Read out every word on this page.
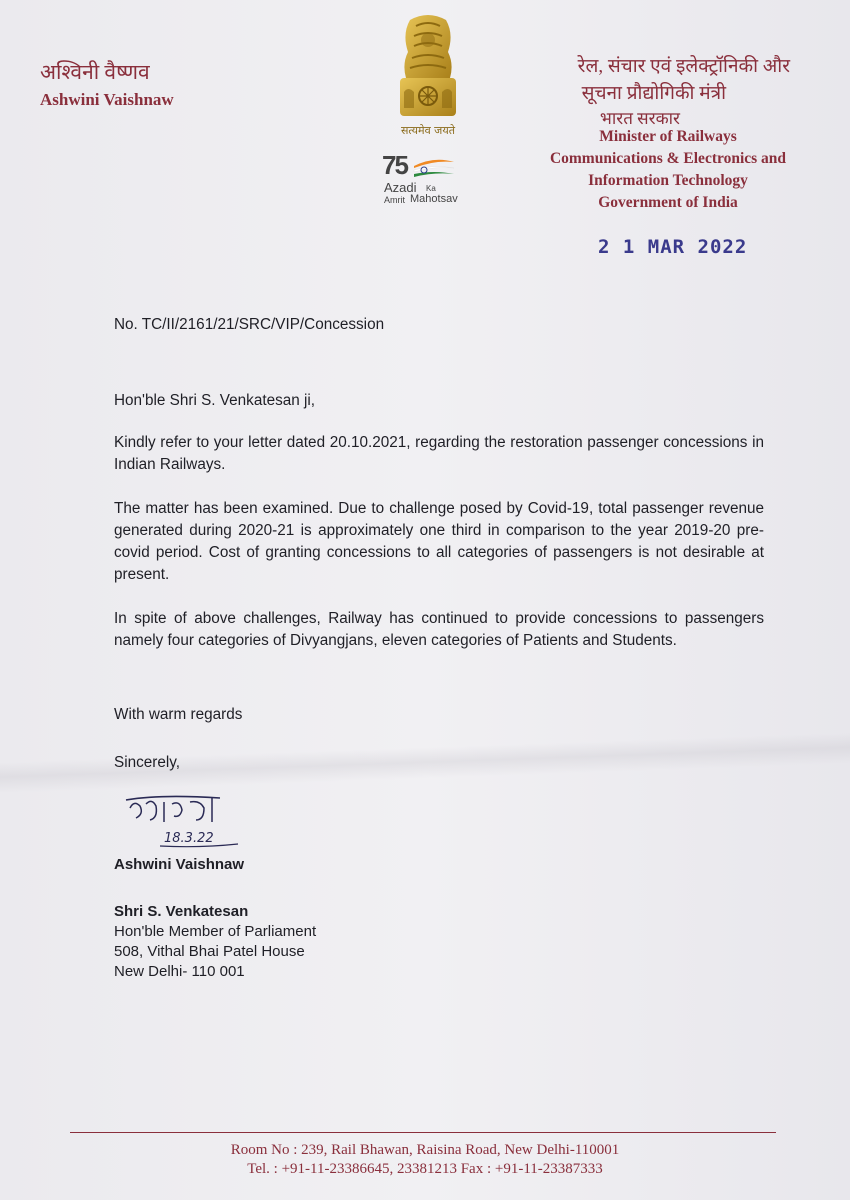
अश्विनी वैष्णव
Ashwini Vaishnaw
सत्यमेव जयते
75
Azadi Ka
Amrit Mahotsav
रेल, संचार एवं इलेक्ट्रॉनिकी और
सूचना प्रौद्योगिकी मंत्री
भारत सरकार
Minister of Railways
Communications & Electronics and
Information Technology
Government of India
2 1 MAR 2022
No. TC/II/2161/21/SRC/VIP/Concession
Hon'ble Shri S. Venkatesan ji,
Kindly refer to your letter dated 20.10.2021, regarding the restoration passenger concessions in Indian Railways.
The matter has been examined. Due to challenge posed by Covid-19, total passenger revenue generated during 2020-21 is approximately one third in comparison to the year 2019-20 pre-covid period. Cost of granting concessions to all categories of passengers is not desirable at present.
In spite of above challenges, Railway has continued to provide concessions to passengers namely four categories of Divyangjans, eleven categories of Patients and Students.
With warm regards
Sincerely,
18.3.22
Ashwini Vaishnaw
Shri S. Venkatesan
Hon'ble Member of Parliament
508, Vithal Bhai Patel House
New Delhi- 110 001
Room No : 239, Rail Bhawan, Raisina Road, New Delhi-110001
Tel. : +91-11-23386645, 23381213 Fax : +91-11-23387333
